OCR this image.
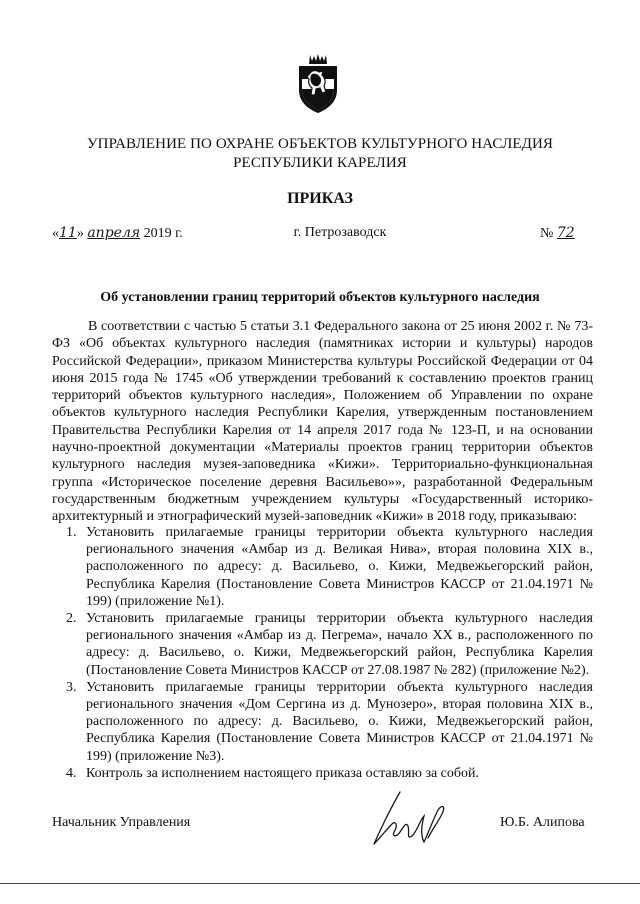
УПРАВЛЕНИЕ ПО ОХРАНЕ ОБЪЕКТОВ КУЛЬТУРНОГО НАСЛЕДИЯ
РЕСПУБЛИКИ КАРЕЛИЯ
ПРИКАЗ
«11» апреля 2019 г.	г. Петрозаводск	№ 72
Об установлении границ территорий объектов культурного наследия

В соответствии с частью 5 статьи 3.1 Федерального закона от 25 июня 2002 г. № 73-ФЗ «Об объектах культурного наследия (памятниках истории и культуры) народов Российской Федерации», приказом Министерства культуры Российской Федерации от 04 июня 2015 года № 1745 «Об утверждении требований к составлению проектов границ территорий объектов культурного наследия», Положением об Управлении по охране объектов культурного наследия Республики Карелия, утвержденным постановлением Правительства Республики Карелия от 14 апреля 2017 года № 123-П, и на основании научно-проектной документации «Материалы проектов границ территории объектов культурного наследия музея-заповедника «Кижи». Территориально-функциональная группа «Историческое поселение деревня Васильево»», разработанной Федеральным государственным бюджетным учреждением культуры «Государственный историко-архитектурный и этнографический музей-заповедник «Кижи» в 2018 году, приказываю:

1. Установить прилагаемые границы территории объекта культурного наследия регионального значения «Амбар из д. Великая Нива», вторая половина XIX в., расположенного по адресу: д. Васильево, о. Кижи, Медвежьегорский район, Республика Карелия (Постановление Совета Министров КАССР от 21.04.1971 № 199) (приложение №1).
2. Установить прилагаемые границы территории объекта культурного наследия регионального значения «Амбар из д. Пегрема», начало XX в., расположенного по адресу: д. Васильево, о. Кижи, Медвежьегорский район, Республика Карелия (Постановление Совета Министров КАССР от 27.08.1987 № 282) (приложение №2).
3. Установить прилагаемые границы территории объекта культурного наследия регионального значения «Дом Сергина из д. Мунозеро», вторая половина XIX в., расположенного по адресу: д. Васильево, о. Кижи, Медвежьегорский район, Республика Карелия (Постановление Совета Министров КАССР от 21.04.1971 № 199) (приложение №3).
4. Контроль за исполнением настоящего приказа оставляю за собой.
Начальник Управления	Ю.Б. Алипова
